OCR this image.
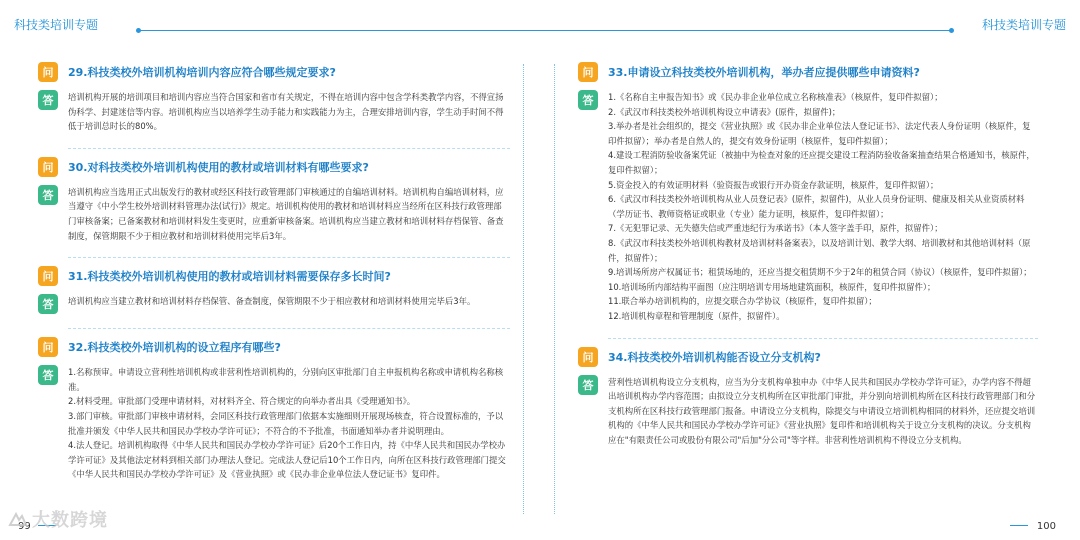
科技类培训专题
问	29.科技类校外培训机构培训内容应符合哪些规定要求?
答	培训机构开展的培训项目和培训内容应当符合国家和省市有关规定，不得在培训内容中包含学科类教学内容，不得宣扬伪科学、封建迷信等内容。培训机构应当以培养学生动手能力和实践能力为主，合理安排培训内容，学生动手时间不得低于培训总时长的80%。

问	30.对科技类校外培训机构使用的教材或培训材料有哪些要求?
答	培训机构应当选用正式出版发行的教材或经区科技行政管理部门审核通过的自编培训材料。培训机构自编培训材料，应当遵守《中小学生校外培训材料管理办法(试行)》规定。培训机构使用的教材和培训材料应当经所在区科技行政管理部门审核备案；已备案教材和培训材料发生变更时，应重新审核备案。培训机构应当建立教材和培训材料存档保管、备查制度，保管期限不少于相应教材和培训材料使用完毕后3年。

问	31.科技类校外培训机构使用的教材或培训材料需要保存多长时间?
答	培训机构应当建立教材和培训材料存档保管、备查制度，保管期限不少于相应教材和培训材料使用完毕后3年。

问	32.科技类校外培训机构的设立程序有哪些?
答	1.名称预审。申请设立营利性培训机构或非营利性培训机构的，分别向区审批部门自主申报机构名称或申请机构名称核准。

2.材料受理。审批部门受理申请材料，对材料齐全、符合规定的向举办者出具《受理通知书》。

3.部门审核。审批部门审核申请材料，会同区科技行政管理部门依据本实施细则开展现场核查，符合设置标准的，予以批准并颁发《中华人民共和国民办学校办学许可证》；不符合的不予批准，书面通知举办者并说明理由。

4.法人登记。培训机构取得《中华人民共和国民办学校办学许可证》后20个工作日内，持《中华人民共和国民办学校办学许可证》及其他法定材料到相关部门办理法人登记。完成法人登记后10个工作日内，向所在区科技行政管理部门提交《中华人民共和国民办学校办学许可证》及《营业执照》或《民办非企业单位法人登记证书》复印件。

99 大数跨境
科技类培训专题
问	33.申请设立科技类校外培训机构，举办者应提供哪些申请资料?
答	1.《名称自主申报告知书》或《民办非企业单位成立名称核准表》（核原件，复印件拟留）；

2.《武汉市科技类校外培训机构设立申请表》(原件，拟留件)；

3.举办者是社会组织的，提交《营业执照》或《民办非企业单位法人登记证书》、法定代表人身份证明（核原件，复印件拟留）；举办者是自然人的，提交有效身份证明（核原件，复印件拟留）；

4.建设工程消防验收备案凭证（被抽中为检查对象的还应提交建设工程消防验收备案抽查结果合格通知书，核原件，复印件拟留）；

5.资金投入的有效证明材料（验资报告或银行开办资金存款证明，核原件，复印件拟留）；

6.《武汉市科技类校外培训机构从业人员登记表》(原件，拟留件)，从业人员身份证明、健康及相关从业资质材料（学历证书、教师资格证或职业（专业）能力证明，核原件，复印件拟留）；

7.《无犯罪记录、无失德失信或严重违纪行为承诺书》（本人签字盖手印，原件，拟留件）；

8.《武汉市科技类校外培训机构教材及培训材料备案表》，以及培训计划、教学大纲、培训教材和其他培训材料（原件，拟留件）；

9.培训场所房产权属证书；租赁场地的，还应当提交租赁期不少于2年的租赁合同（协议）（核原件，复印件拟留）；

10.培训场所内部结构平面图（应注明培训专用场地建筑面积，核原件，复印件拟留件）；

11.联合举办培训机构的，应提交联合办学协议（核原件，复印件拟留）；

12.培训机构章程和管理制度（原件，拟留件）。

问	34.科技类校外培训机构能否设立分支机构?
答	营利性培训机构设立分支机构，应当为分支机构单独申办《中华人民共和国民办学校办学许可证》，办学内容不得超出培训机构办学内容范围；由拟设立分支机构所在区审批部门审批，并分别向培训机构所在区科技行政管理部门和分支机构所在区科技行政管理部门报备。申请设立分支机构，除提交与申请设立培训机构相同的材料外，还应提交培训机构的《中华人民共和国民办学校办学许可证》《营业执照》复印件和培训机构关于设立分支机构的决议。分支机构应在"有限责任公司或股份有限公司"后加"分公司"等字样。非营利性培训机构不得设立分支机构。

100
